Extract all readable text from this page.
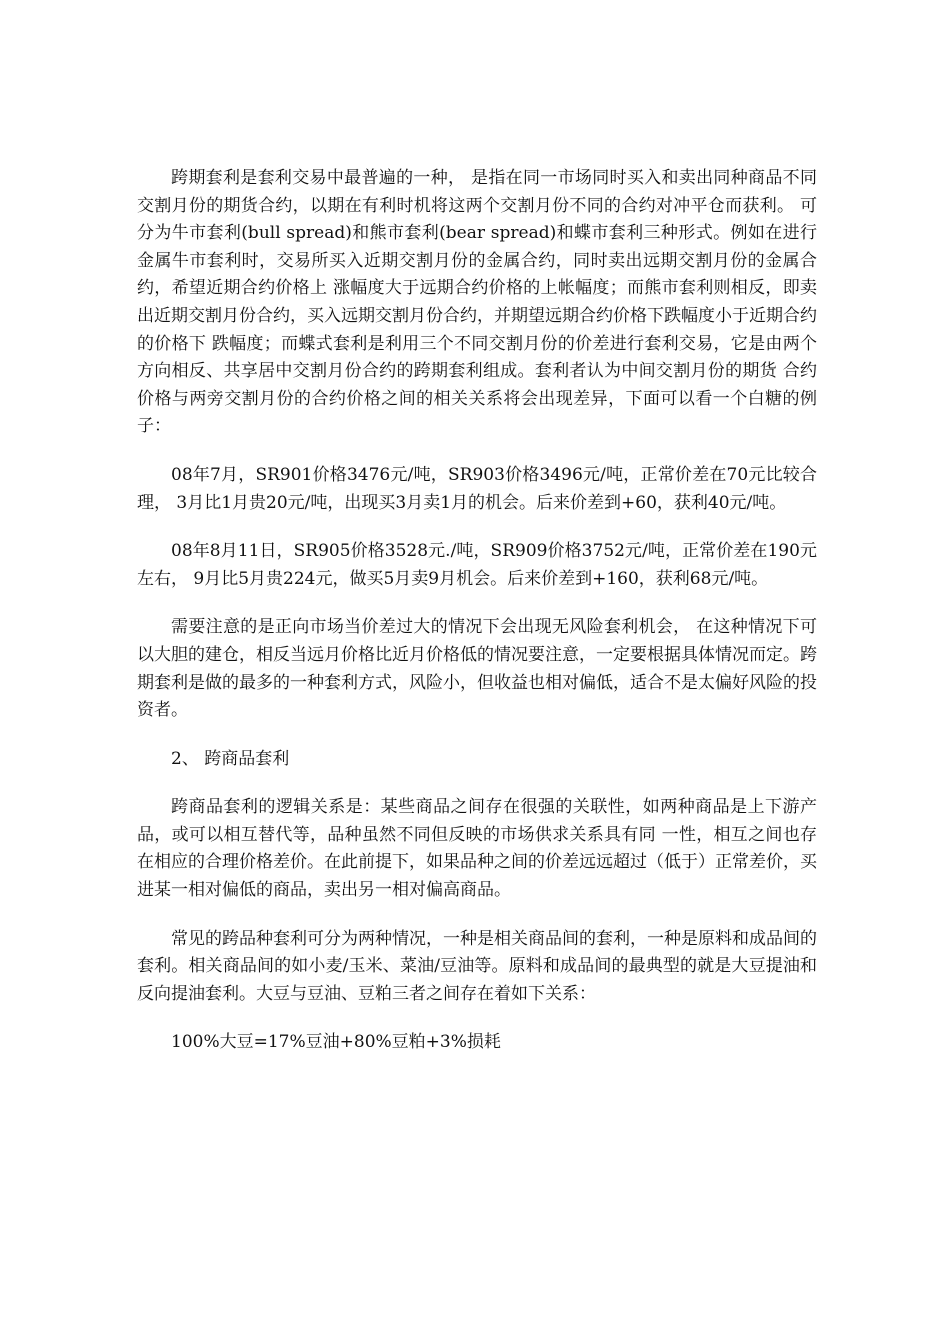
跨期套利是套利交易中最普遍的一种， 是指在同一市场同时买入和卖出同种商品不同交割月份的期货合约，以期在有利时机将这两个交割月份不同的合约对冲平仓而获利。 可分为牛市套利(bull spread)和熊市套利(bear spread)和蝶市套利三种形式。例如在进行金属牛市套利时，交易所买入近期交割月份的金属合约，同时卖出远期交割月份的金属合约，希望近期合约价格上 涨幅度大于远期合约价格的上帐幅度；而熊市套利则相反，即卖出近期交割月份合约，买入远期交割月份合约，并期望远期合约价格下跌幅度小于近期合约的价格下 跌幅度；而蝶式套利是利用三个不同交割月份的价差进行套利交易，它是由两个方向相反、共享居中交割月份合约的跨期套利组成。套利者认为中间交割月份的期货 合约价格与两旁交割月份的合约价格之间的相关关系将会出现差异，下面可以看一个白糖的例子：

08年7月，SR901价格3476元/吨，SR903价格3496元/吨，正常价差在70元比较合理， 3月比1月贵20元/吨，出现买3月卖1月的机会。后来价差到+60，获利40元/吨。

08年8月11日，SR905价格3528元./吨，SR909价格3752元/吨，正常价差在190元左右， 9月比5月贵224元，做买5月卖9月机会。后来价差到+160，获利68元/吨。

需要注意的是正向市场当价差过大的情况下会出现无风险套利机会， 在这种情况下可以大胆的建仓，相反当远月价格比近月价格低的情况要注意，一定要根据具体情况而定。跨期套利是做的最多的一种套利方式，风险小，但收益也相对偏低，适合不是太偏好风险的投资者。

2、 跨商品套利

跨商品套利的逻辑关系是：某些商品之间存在很强的关联性，如两种商品是上下游产品，或可以相互替代等，品种虽然不同但反映的市场供求关系具有同 一性，相互之间也存在相应的合理价格差价。在此前提下，如果品种之间的价差远远超过（低于）正常差价，买进某一相对偏低的商品，卖出另一相对偏高商品。

常见的跨品种套利可分为两种情况，一种是相关商品间的套利，一种是原料和成品间的套利。相关商品间的如小麦/玉米、菜油/豆油等。原料和成品间的最典型的就是大豆提油和反向提油套利。大豆与豆油、豆粕三者之间存在着如下关系：

100%大豆=17%豆油+80%豆粕+3%损耗
